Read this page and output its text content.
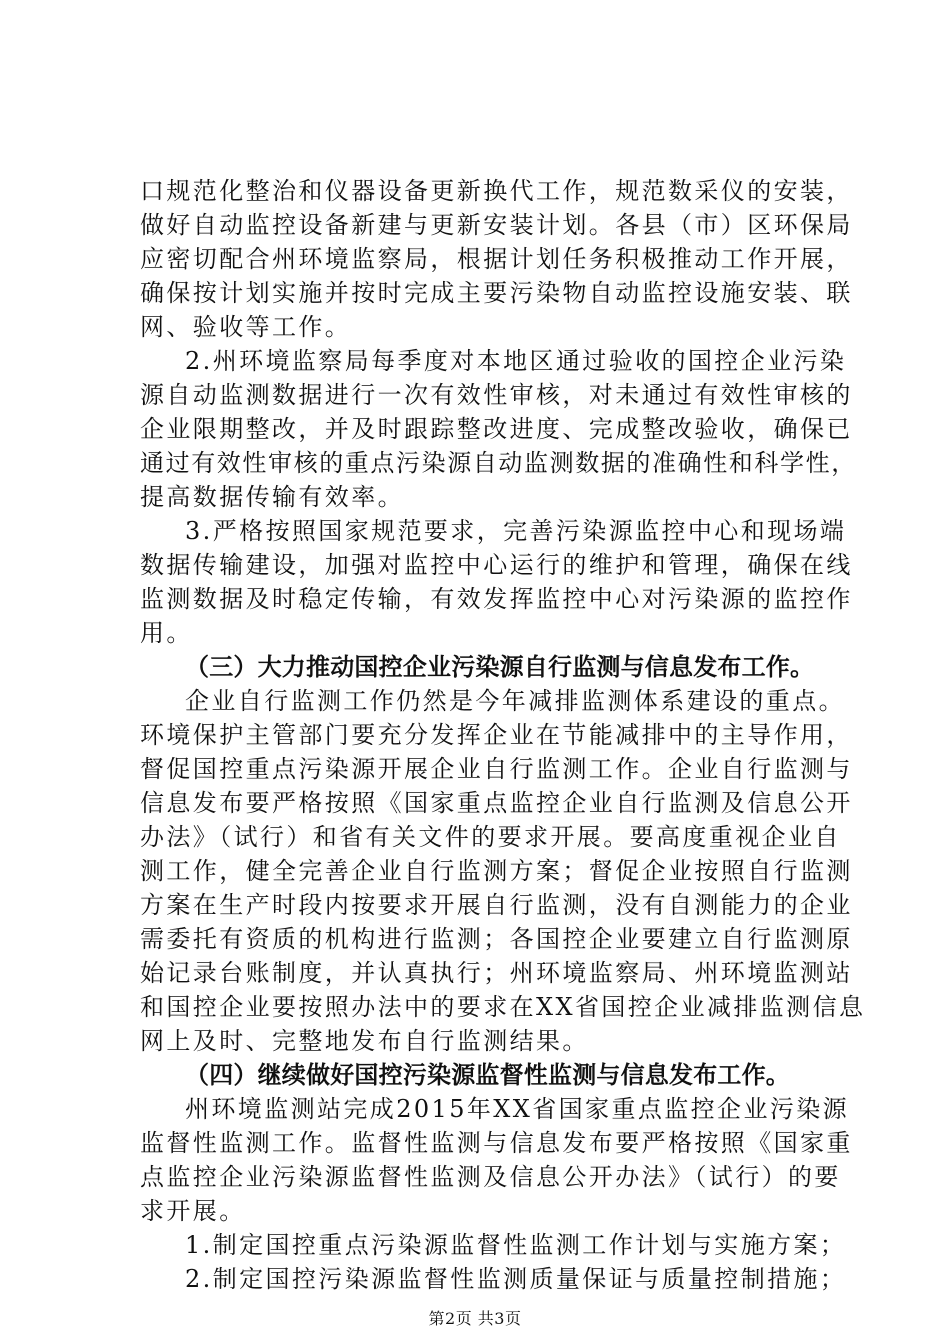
口规范化整治和仪器设备更新换代工作，规范数采仪的安装，
做好自动监控设备新建与更新安装计划。各县（市）区环保局
应密切配合州环境监察局，根据计划任务积极推动工作开展，
确保按计划实施并按时完成主要污染物自动监控设施安装、联
网、验收等工作。
2.州环境监察局每季度对本地区通过验收的国控企业污染
源自动监测数据进行一次有效性审核，对未通过有效性审核的
企业限期整改，并及时跟踪整改进度、完成整改验收，确保已
通过有效性审核的重点污染源自动监测数据的准确性和科学性，
提高数据传输有效率。
3.严格按照国家规范要求，完善污染源监控中心和现场端
数据传输建设，加强对监控中心运行的维护和管理，确保在线
监测数据及时稳定传输，有效发挥监控中心对污染源的监控作
用。
（三）大力推动国控企业污染源自行监测与信息发布工作。
企业自行监测工作仍然是今年减排监测体系建设的重点。
环境保护主管部门要充分发挥企业在节能减排中的主导作用，
督促国控重点污染源开展企业自行监测工作。企业自行监测与
信息发布要严格按照《国家重点监控企业自行监测及信息公开
办法》（试行）和省有关文件的要求开展。要高度重视企业自
测工作，健全完善企业自行监测方案；督促企业按照自行监测
方案在生产时段内按要求开展自行监测，没有自测能力的企业
需委托有资质的机构进行监测；各国控企业要建立自行监测原
始记录台账制度，并认真执行；州环境监察局、州环境监测站
和国控企业要按照办法中的要求在XX省国控企业减排监测信息
网上及时、完整地发布自行监测结果。
（四）继续做好国控污染源监督性监测与信息发布工作。
州环境监测站完成2015年XX省国家重点监控企业污染源
监督性监测工作。监督性监测与信息发布要严格按照《国家重
点监控企业污染源监督性监测及信息公开办法》（试行）的要
求开展。
1.制定国控重点污染源监督性监测工作计划与实施方案；
2.制定国控污染源监督性监测质量保证与质量控制措施；
第2页 共3页
